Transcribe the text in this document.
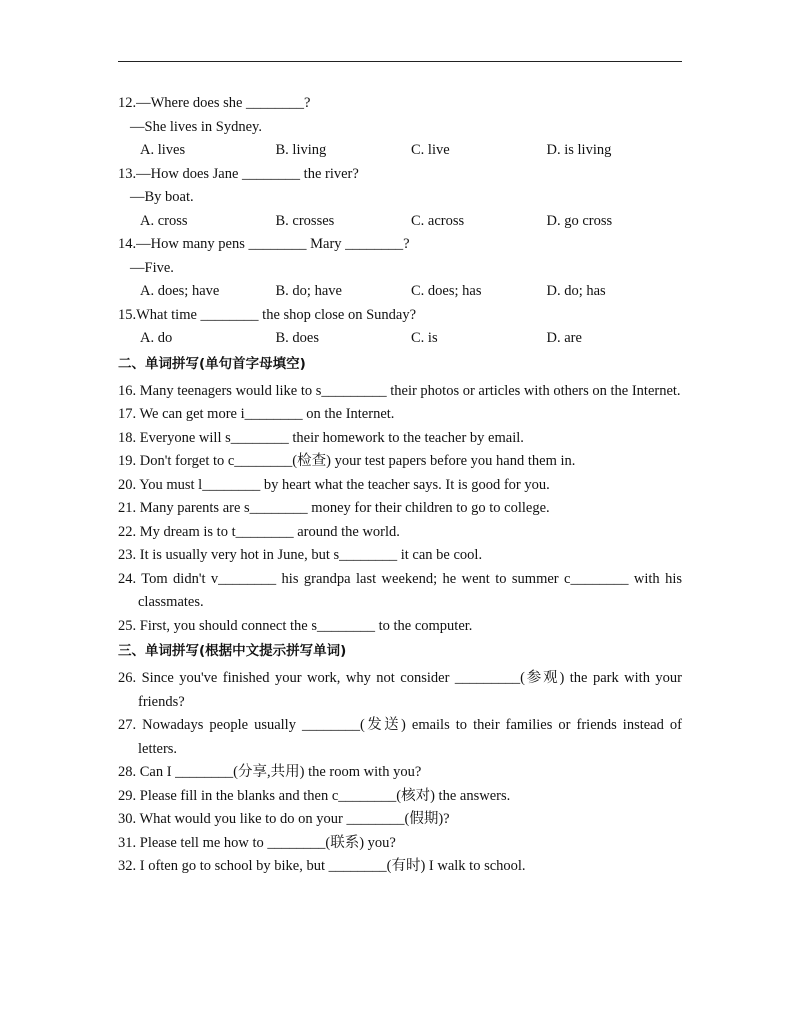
12.—Where does she ________?
—She lives in Sydney.
A. lives	B. living	C. live	D. is living
13.—How does Jane ________ the river?
—By boat.
A. cross	B. crosses	C. across	D. go cross
14.—How many pens ________ Mary ________?
—Five.
A. does; have	B. do; have	C. does; has	D. do; has
15.What time ________ the shop close on Sunday?
A. do	B. does	C. is	D. are
二、单词拼写(单句首字母填空)

16. Many teenagers would like to s_________ their photos or articles with others on the Internet.

17. We can get more i________ on the Internet.

18. Everyone will s________ their homework to the teacher by email.

19. Don't forget to c________(检查) your test papers before you hand them in.

20. You must l________ by heart what the teacher says. It is good for you.

21. Many parents are s________ money for their children to go to college.

22. My dream is to t________ around the world.

23. It is usually very hot in June, but s________ it can be cool.

24. Tom didn't v________ his grandpa last weekend; he went to summer c________ with his classmates.

25. First, you should connect the s________ to the computer.

三、单词拼写(根据中文提示拼写单词)

26. Since you've finished your work, why not consider _________(参观) the park with your friends?

27. Nowadays people usually ________(发送) emails to their families or friends instead of letters.

28. Can I ________(分享,共用) the room with you?

29. Please fill in the blanks and then c________(核对) the answers.

30. What would you like to do on your ________(假期)?

31. Please tell me how to ________(联系) you?

32. I often go to school by bike, but ________(有时) I walk to school.
